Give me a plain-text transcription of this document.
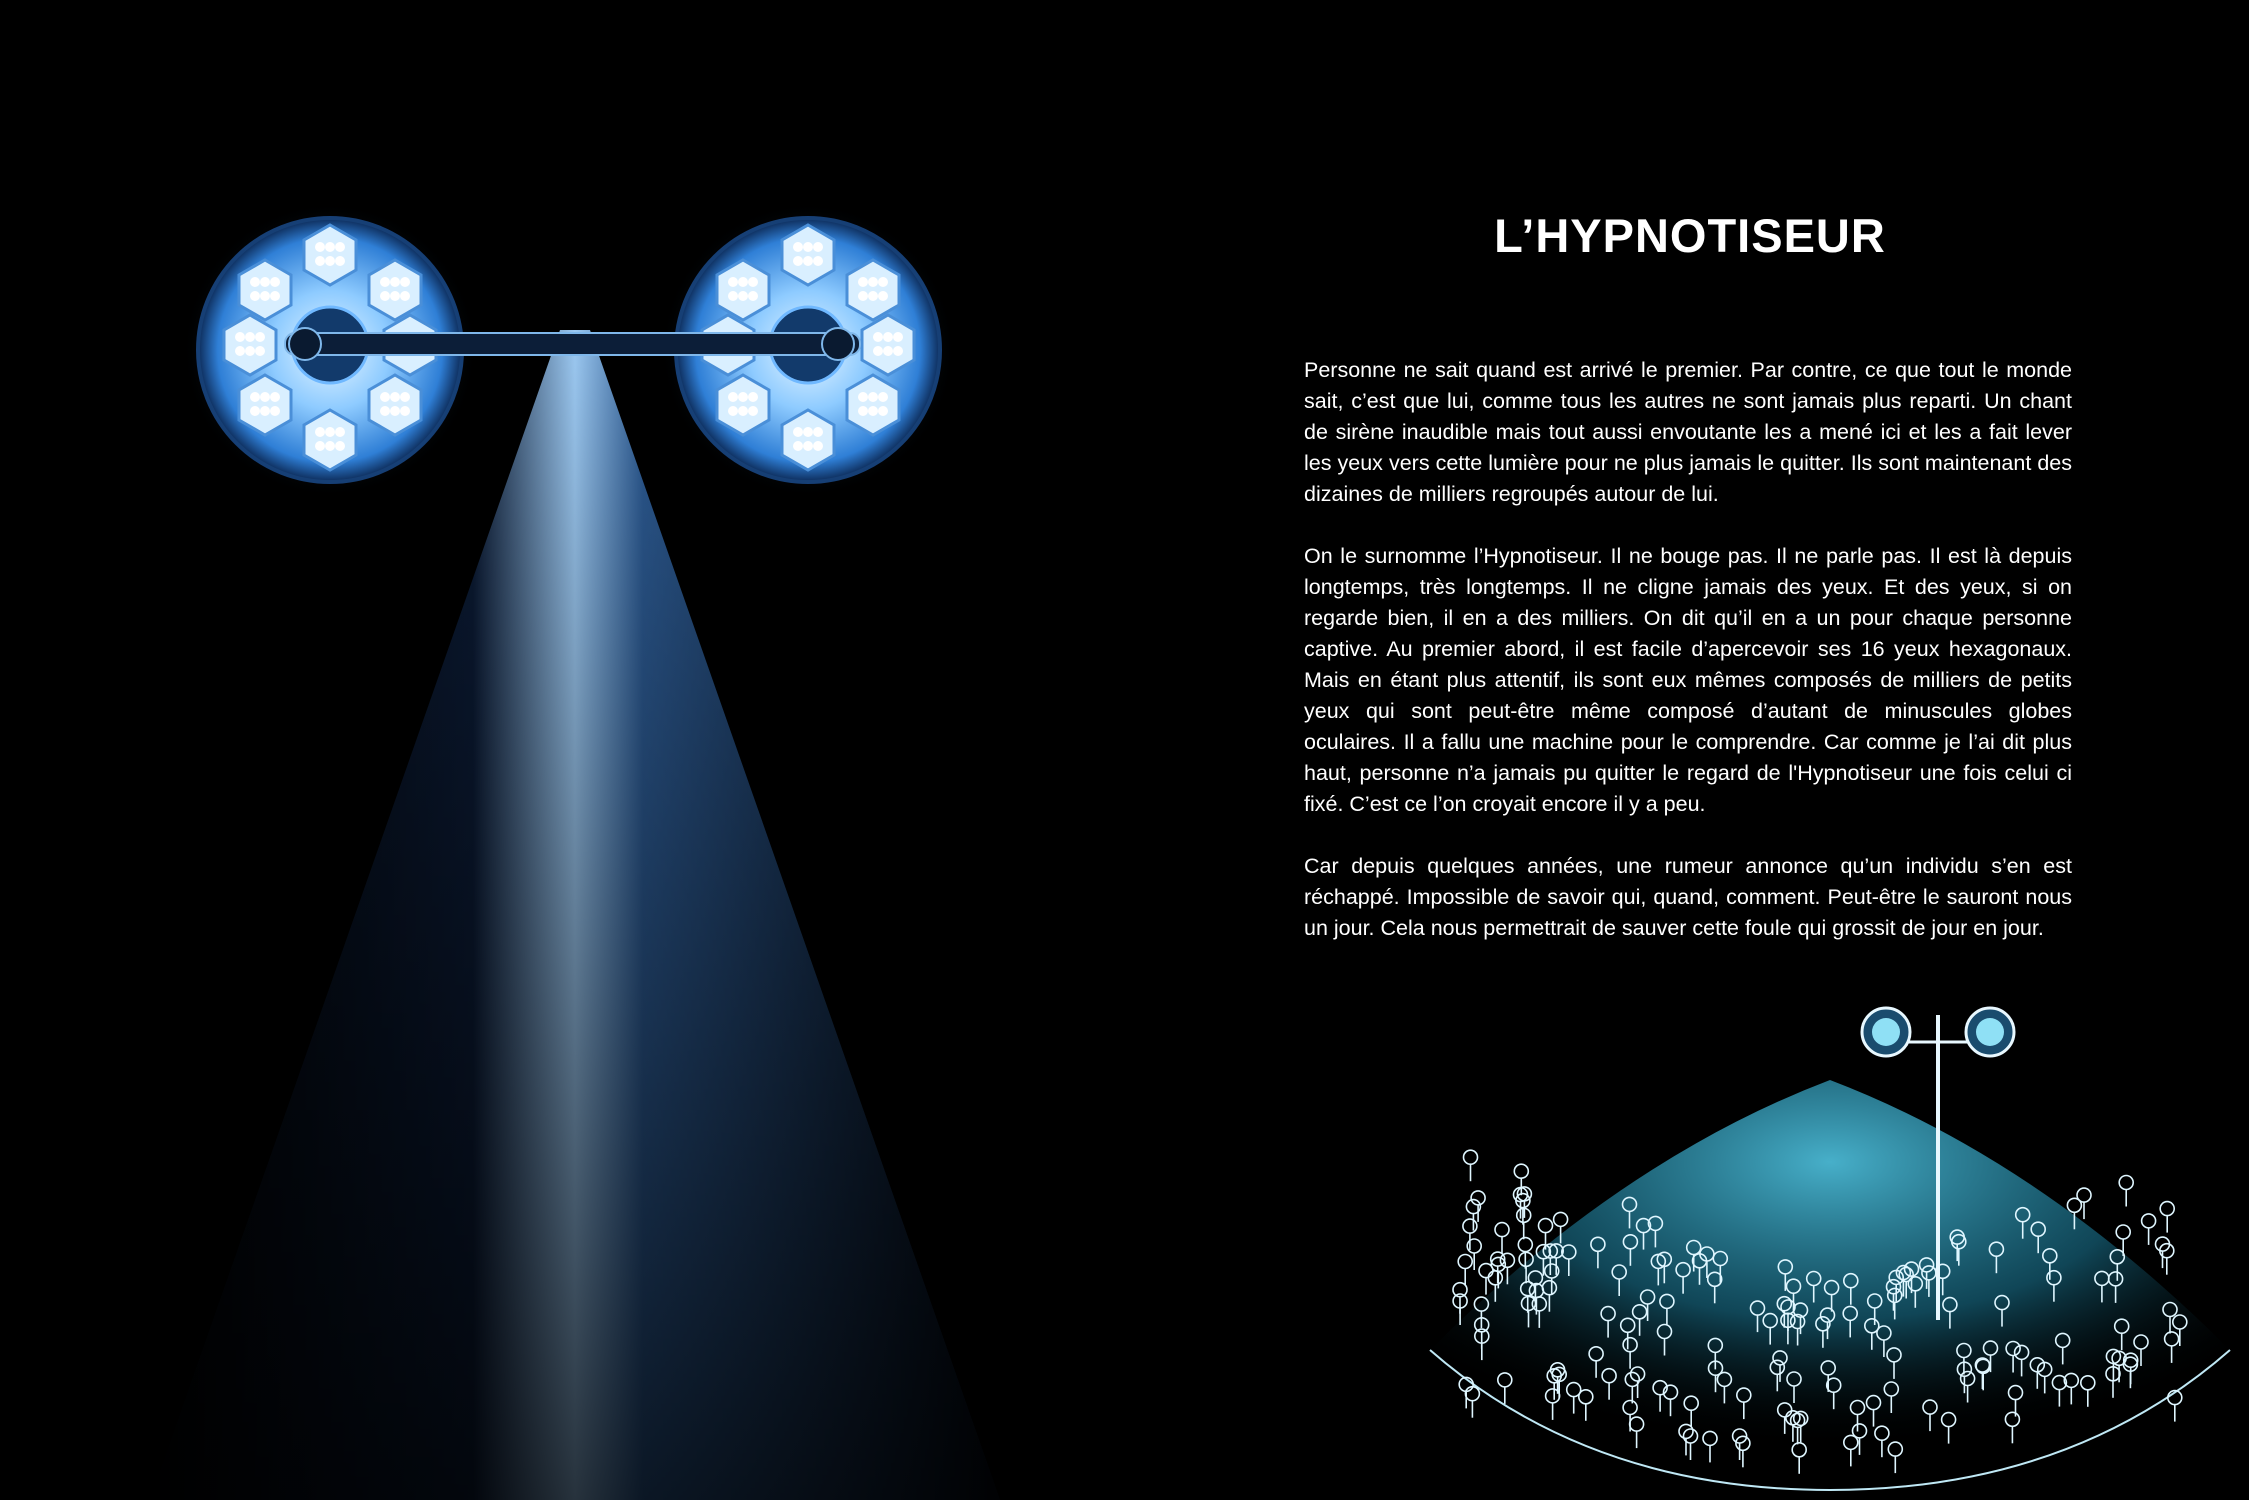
L’HYPNOTISEUR

Personne ne sait quand est arrivé le premier. Par contre, ce que tout le monde sait, c’est que lui, comme tous les autres ne sont jamais plus reparti. Un chant de sirène inaudible mais tout aussi envoutante les a mené ici et les a fait lever les yeux vers cette lumière pour ne plus jamais le quitter. Ils sont maintenant des dizaines de milliers regroupés autour de lui.

On le surnomme l’Hypnotiseur. Il ne bouge pas. Il ne parle pas. Il est là depuis longtemps, très longtemps. Il ne cligne jamais des yeux. Et des yeux, si on regarde bien, il en a des milliers. On dit qu’il en a un pour chaque personne captive. Au premier abord, il est facile d’apercevoir ses 16 yeux hexagonaux. Mais en étant plus attentif, ils sont eux mêmes composés de milliers de petits yeux qui sont peut-être même composé d’autant de minuscules globes oculaires. Il a fallu une machine pour le comprendre. Car comme je l’ai dit plus haut, personne n’a jamais pu quitter le regard de l'Hypnotiseur une fois celui ci fixé. C’est ce l’on croyait encore il y a peu.

Car depuis quelques années, une rumeur annonce qu’un individu s’en est réchappé. Impossible de savoir qui, quand, comment. Peut-être le sauront nous un jour. Cela nous permettrait de sauver cette foule qui grossit de jour en jour.
